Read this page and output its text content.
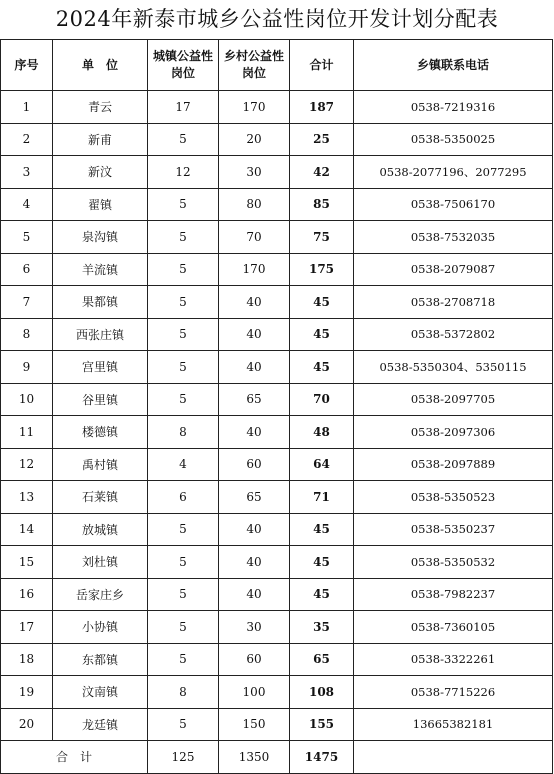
2024年新泰市城乡公益性岗位开发计划分配表
序号	单　位	城镇公益性岗位	乡村公益性岗位	合计	乡镇联系电话
1	青云	17	170	187	0538-7219316
2	新甫	5	20	25	0538-5350025
3	新汶	12	30	42	0538-2077196、2077295
4	翟镇	5	80	85	0538-7506170
5	泉沟镇	5	70	75	0538-7532035
6	羊流镇	5	170	175	0538-2079087
7	果都镇	5	40	45	0538-2708718
8	西张庄镇	5	40	45	0538-5372802
9	宫里镇	5	40	45	0538-5350304、5350115
10	谷里镇	5	65	70	0538-2097705
11	楼德镇	8	40	48	0538-2097306
12	禹村镇	4	60	64	0538-2097889
13	石莱镇	6	65	71	0538-5350523
14	放城镇	5	40	45	0538-5350237
15	刘杜镇	5	40	45	0538-5350532
16	岳家庄乡	5	40	45	0538-7982237
17	小协镇	5	30	35	0538-7360105
18	东都镇	5	60	65	0538-3322261
19	汶南镇	8	100	108	0538-7715226
20	龙廷镇	5	150	155	13665382181
合　计		125	1350	1475	
